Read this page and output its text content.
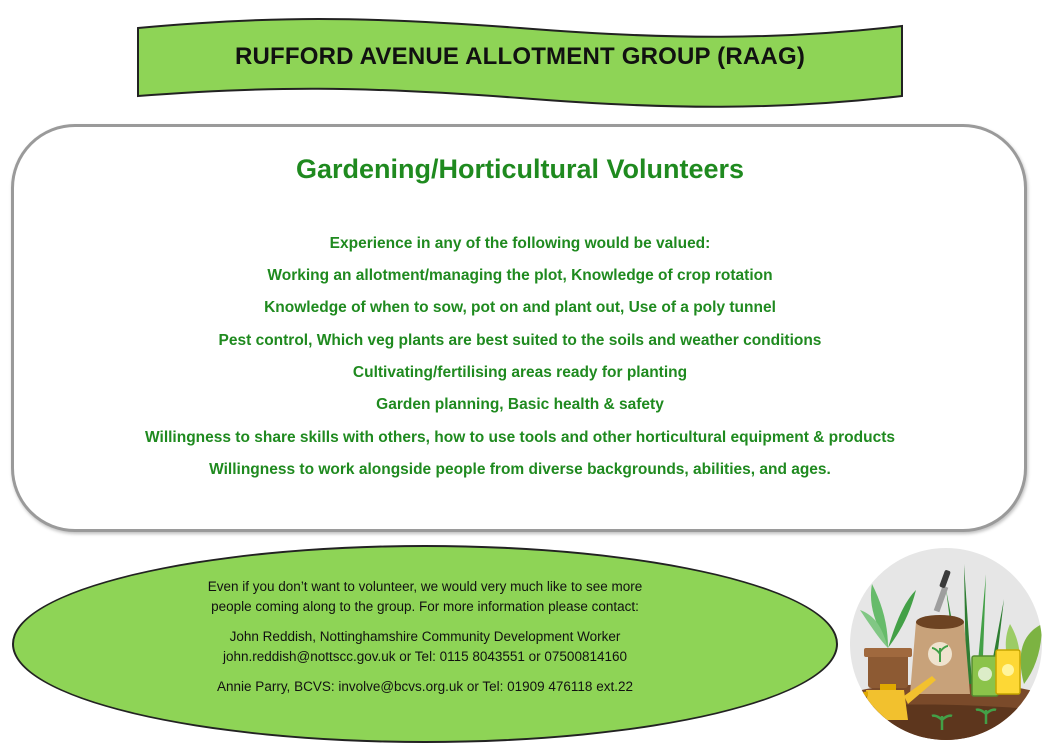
RUFFORD AVENUE ALLOTMENT GROUP (RAAG)
Gardening/Horticultural Volunteers
Experience in any of the following would be valued:
Working an allotment/managing the plot, Knowledge of crop rotation
Knowledge of when to sow, pot on and plant out, Use of a poly tunnel
Pest control, Which veg plants are best suited to the soils and weather conditions
Cultivating/fertilising areas ready for planting
Garden planning, Basic health & safety
Willingness to share skills with others, how to use tools and other horticultural equipment & products
Willingness to work alongside people from diverse backgrounds, abilities, and ages.
Even if you don’t want to volunteer, we would very much like to see more
people coming along to the group. For more information please contact:
John Reddish, Nottinghamshire Community Development Worker
john.reddish@nottscc.gov.uk or Tel: 0115 8043551 or 07500814160
Annie Parry, BCVS: involve@bcvs.org.uk or Tel: 01909 476118 ext.22
